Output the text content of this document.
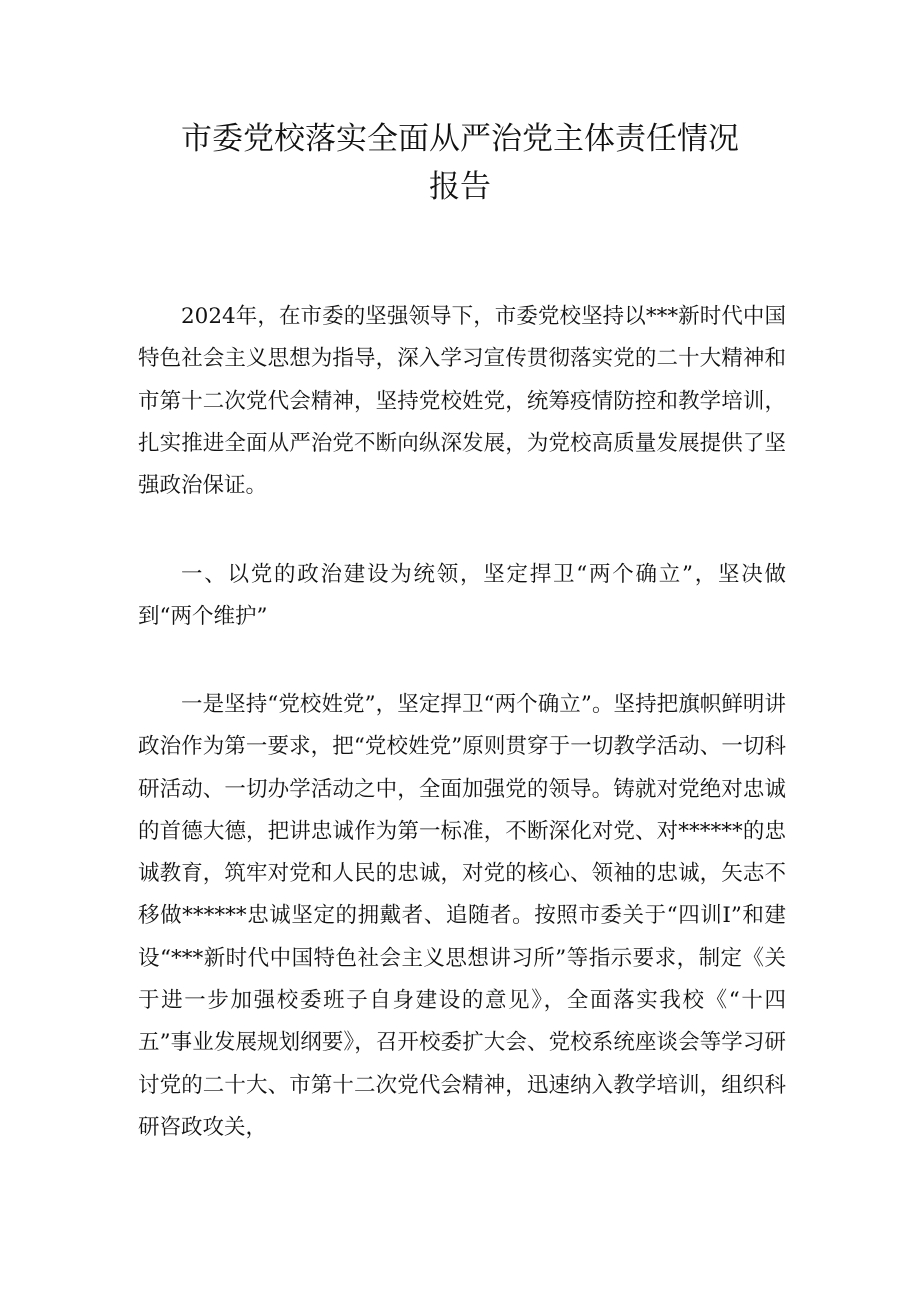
市委党校落实全面从严治党主体责任情况
报告

2024年，在市委的坚强领导下，市委党校坚持以***新时代中国特色社会主义思想为指导，深入学习宣传贯彻落实党的二十大精神和市第十二次党代会精神，坚持党校姓党，统筹疫情防控和教学培训，扎实推进全面从严治党不断向纵深发展，为党校高质量发展提供了坚强政治保证。

一、以党的政治建设为统领，坚定捍卫“两个确立”，坚决做到“两个维护”

一是坚持“党校姓党”，坚定捍卫“两个确立”。坚持把旗帜鲜明讲政治作为第一要求，把“党校姓党”原则贯穿于一切教学活动、一切科研活动、一切办学活动之中，全面加强党的领导。铸就对党绝对忠诚的首德大德，把讲忠诚作为第一标准，不断深化对党、对******的忠诚教育，筑牢对党和人民的忠诚，对党的核心、领袖的忠诚，矢志不移做******忠诚坚定的拥戴者、追随者。按照市委关于“四训I”和建设“***新时代中国特色社会主义思想讲习所”等指示要求，制定《关于进一步加强校委班子自身建设的意见》，全面落实我校《“十四五”事业发展规划纲要》，召开校委扩大会、党校系统座谈会等学习研讨党的二十大、市第十二次党代会精神，迅速纳入教学培训，组织科研咨政攻关，
